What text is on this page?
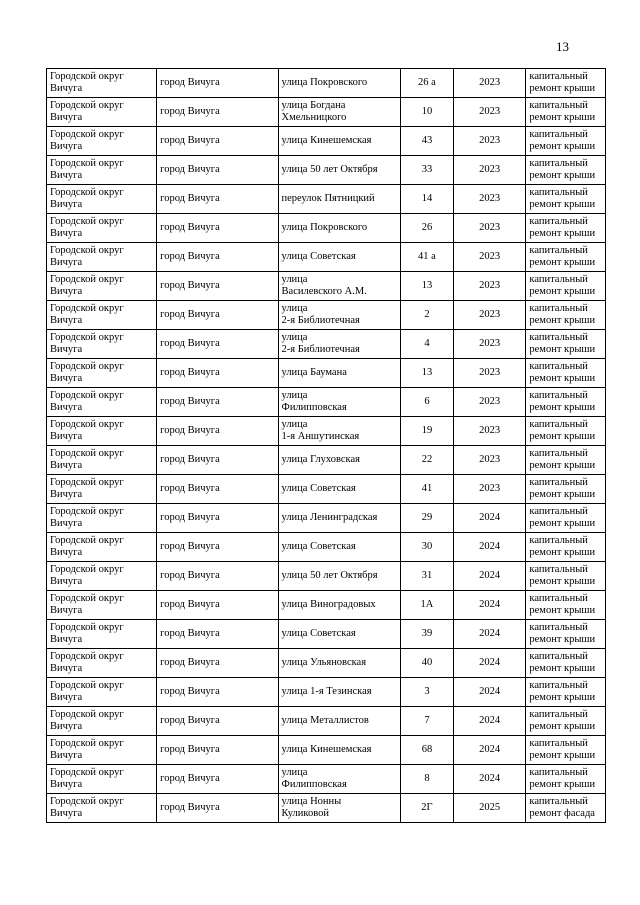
13
Городской округ
Вичуга	город Вичуга	улица Покровского	26 а	2023	капитальный
ремонт крыши

Городской округ
Вичуга	город Вичуга	улица Богдана
Хмельницкого	10	2023	капитальный
ремонт крыши

Городской округ
Вичуга	город Вичуга	улица Кинешемская	43	2023	капитальный
ремонт крыши

Городской округ
Вичуга	город Вичуга	улица 50 лет Октября	33	2023	капитальный
ремонт крыши

Городской округ
Вичуга	город Вичуга	переулок Пятницкий	14	2023	капитальный
ремонт крыши

Городской округ
Вичуга	город Вичуга	улица Покровского	26	2023	капитальный
ремонт крыши

Городской округ
Вичуга	город Вичуга	улица Советская	41 а	2023	капитальный
ремонт крыши

Городской округ
Вичуга	город Вичуга	улица
Василевского А.М.	13	2023	капитальный
ремонт крыши

Городской округ
Вичуга	город Вичуга	улица
2-я Библиотечная	2	2023	капитальный
ремонт крыши

Городской округ
Вичуга	город Вичуга	улица
2-я Библиотечная	4	2023	капитальный
ремонт крыши

Городской округ
Вичуга	город Вичуга	улица Баумана	13	2023	капитальный
ремонт крыши

Городской округ
Вичуга	город Вичуга	улица
Филипповская	6	2023	капитальный
ремонт крыши

Городской округ
Вичуга	город Вичуга	улица
1-я Аншутинская	19	2023	капитальный
ремонт крыши

Городской округ
Вичуга	город Вичуга	улица Глуховская	22	2023	капитальный
ремонт крыши

Городской округ
Вичуга	город Вичуга	улица Советская	41	2023	капитальный
ремонт крыши

Городской округ
Вичуга	город Вичуга	улица Ленинградская	29	2024	капитальный
ремонт крыши

Городской округ
Вичуга	город Вичуга	улица Советская	30	2024	капитальный
ремонт крыши

Городской округ
Вичуга	город Вичуга	улица 50 лет Октября	31	2024	капитальный
ремонт крыши

Городской округ
Вичуга	город Вичуга	улица Виноградовых	1А	2024	капитальный
ремонт крыши

Городской округ
Вичуга	город Вичуга	улица Советская	39	2024	капитальный
ремонт крыши

Городской округ
Вичуга	город Вичуга	улица Ульяновская	40	2024	капитальный
ремонт крыши

Городской округ
Вичуга	город Вичуга	улица 1-я Тезинская	3	2024	капитальный
ремонт крыши

Городской округ
Вичуга	город Вичуга	улица Металлистов	7	2024	капитальный
ремонт крыши

Городской округ
Вичуга	город Вичуга	улица Кинешемская	68	2024	капитальный
ремонт крыши

Городской округ
Вичуга	город Вичуга	улица
Филипповская	8	2024	капитальный
ремонт крыши

Городской округ
Вичуга	город Вичуга	улица Нонны
Куликовой	2Г	2025	капитальный
ремонт фасада
